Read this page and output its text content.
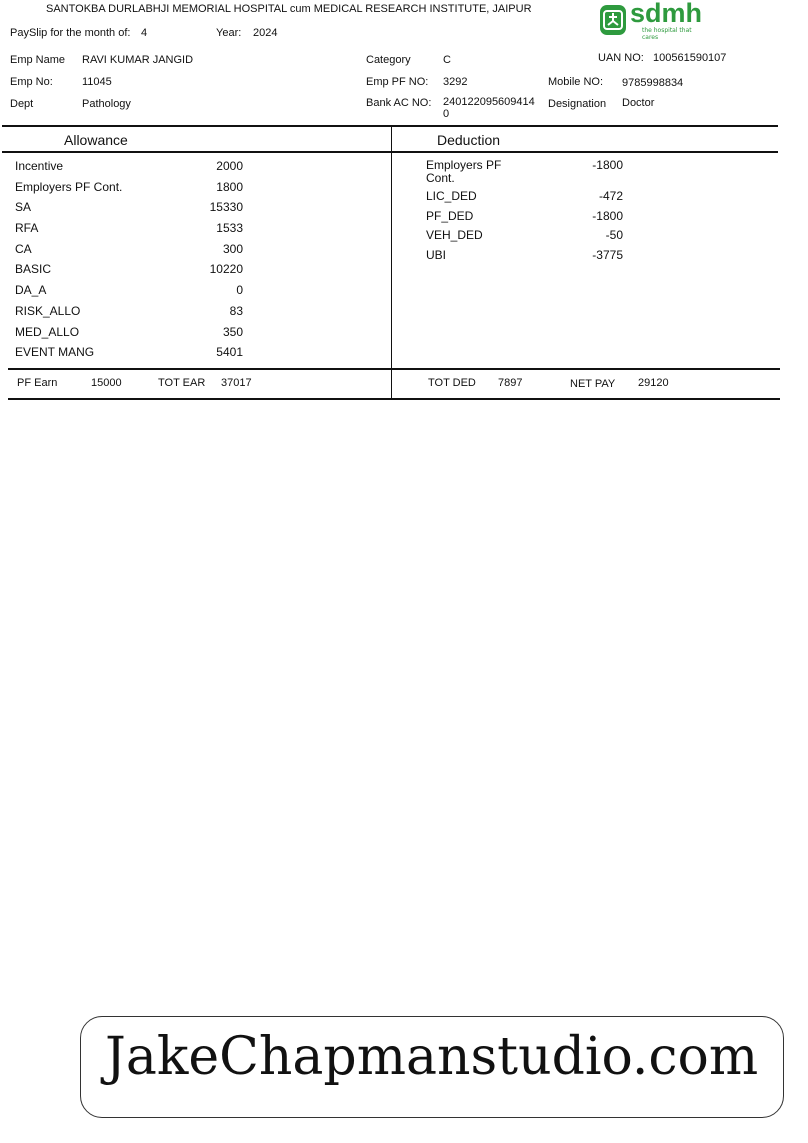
SANTOKBA DURLABHJI MEMORIAL HOSPITAL cum MEDICAL RESEARCH INSTITUTE, JAIPUR
PaySlip for the month of: 4	Year: 2024
sdmh
the hospital that cares
Emp Name RAVI KUMAR JANGID	Category	C	UAN NO: 100561590107
Emp No:	11045	Emp PF NO: 3292	Mobile NO: 9785998834
Dept	Pathology	Bank AC NO: 240122095609414
0
Designation Doctor
Allowance	Deduction
Incentive	2000
Employers PF Cont.	1800
SA	15330
RFA	1533
CA	300
BASIC	10220
DA_A	0
RISK_ALLO	83
MED_ALLO	350
EVENT MANG	5401
Employers PF
Cont.
-1800
LIC_DED	-472
PF_DED	-1800
VEH_DED	-50
UBI	-3775
PF Earn	15000	TOT EAR 37017	TOT DED 7897	NET PAY 29120
JakeChapmanstudio.com
